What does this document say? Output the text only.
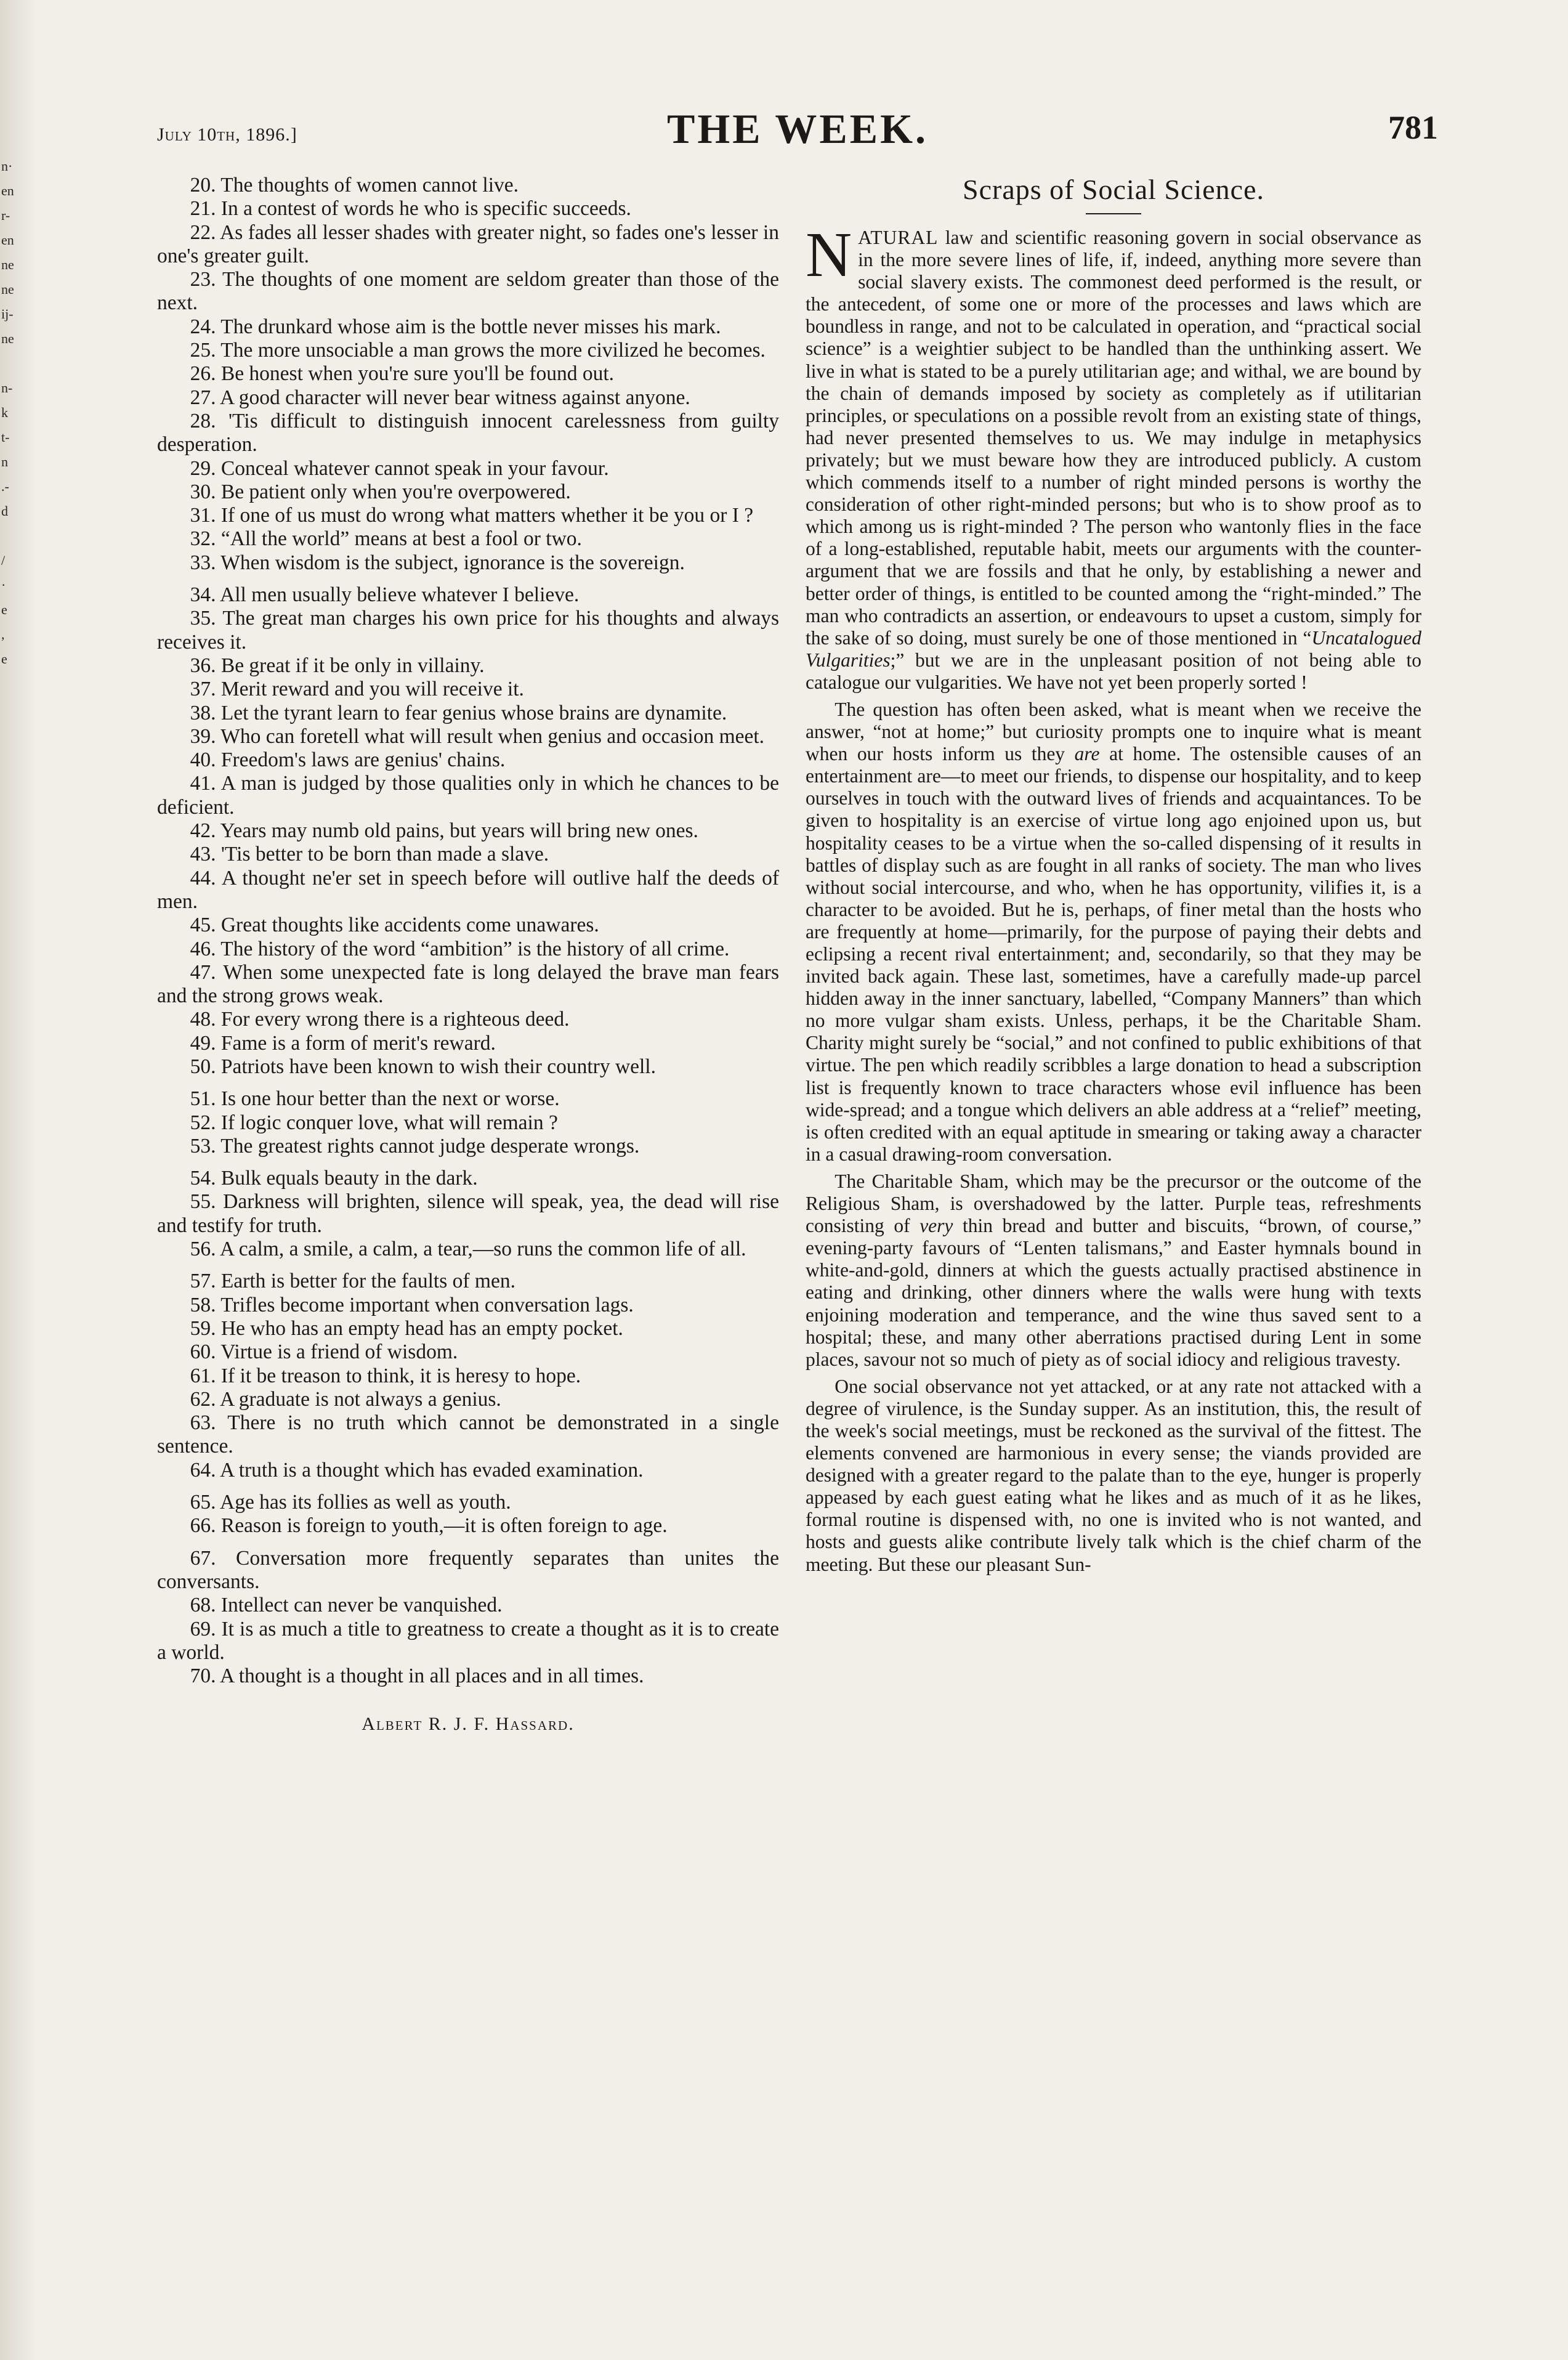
n·
en
r-
en
ne
ne
ij-
ne

n-
k
t-
n
.-
d

/
·
e
,
e
July 10th, 1896.]	THE WEEK.	781

20. The thoughts of women cannot live.

21. In a contest of words he who is specific succeeds.

22. As fades all lesser shades with greater night, so fades one's lesser in one's greater guilt.

23. The thoughts of one moment are seldom greater than those of the next.

24. The drunkard whose aim is the bottle never misses his mark.

25. The more unsociable a man grows the more civilized he becomes.

26. Be honest when you're sure you'll be found out.

27. A good character will never bear witness against anyone.

28. 'Tis difficult to distinguish innocent carelessness from guilty desperation.

29. Conceal whatever cannot speak in your favour.

30. Be patient only when you're overpowered.

31. If one of us must do wrong what matters whether it be you or I ?

32. “All the world” means at best a fool or two.

33. When wisdom is the subject, ignorance is the sovereign.

34. All men usually believe whatever I believe.

35. The great man charges his own price for his thoughts and always receives it.

36. Be great if it be only in villainy.

37. Merit reward and you will receive it.

38. Let the tyrant learn to fear genius whose brains are dynamite.

39. Who can foretell what will result when genius and occasion meet.

40. Freedom's laws are genius' chains.

41. A man is judged by those qualities only in which he chances to be deficient.

42. Years may numb old pains, but years will bring new ones.

43. 'Tis better to be born than made a slave.

44. A thought ne'er set in speech before will outlive half the deeds of men.

45. Great thoughts like accidents come unawares.

46. The history of the word “ambition” is the history of all crime.

47. When some unexpected fate is long delayed the brave man fears and the strong grows weak.

48. For every wrong there is a righteous deed.

49. Fame is a form of merit's reward.

50. Patriots have been known to wish their country well.

51. Is one hour better than the next or worse.

52. If logic conquer love, what will remain ?

53. The greatest rights cannot judge desperate wrongs.

54. Bulk equals beauty in the dark.

55. Darkness will brighten, silence will speak, yea, the dead will rise and testify for truth.

56. A calm, a smile, a calm, a tear,—so runs the common life of all.

57. Earth is better for the faults of men.

58. Trifles become important when conversation lags.

59. He who has an empty head has an empty pocket.

60. Virtue is a friend of wisdom.

61. If it be treason to think, it is heresy to hope.

62. A graduate is not always a genius.

63. There is no truth which cannot be demonstrated in a single sentence.

64. A truth is a thought which has evaded examination.

65. Age has its follies as well as youth.

66. Reason is foreign to youth,—it is often foreign to age.

67. Conversation more frequently separates than unites the conversants.

68. Intellect can never be vanquished.

69. It is as much a title to greatness to create a thought as it is to create a world.

70. A thought is a thought in all places and in all times.

Albert R. J. F. Hassard.
Scraps of Social Science.

NATURAL law and scientific reasoning govern in social observance as in the more severe lines of life, if, indeed, anything more severe than social slavery exists. The commonest deed performed is the result, or the antecedent, of some one or more of the processes and laws which are boundless in range, and not to be calculated in operation, and “practical social science” is a weightier subject to be handled than the unthinking assert. We live in what is stated to be a purely utilitarian age; and withal, we are bound by the chain of demands imposed by society as completely as if utilitarian principles, or speculations on a possible revolt from an existing state of things, had never presented themselves to us. We may indulge in metaphysics privately; but we must beware how they are introduced publicly. A custom which commends itself to a number of right minded persons is worthy the consideration of other right-minded persons; but who is to show proof as to which among us is right-minded ? The person who wantonly flies in the face of a long-established, reputable habit, meets our arguments with the counter-argument that we are fossils and that he only, by establishing a newer and better order of things, is entitled to be counted among the “right-minded.” The man who contradicts an assertion, or endeavours to upset a custom, simply for the sake of so doing, must surely be one of those mentioned in “Uncatalogued Vulgarities;” but we are in the unpleasant position of not being able to catalogue our vulgarities. We have not yet been properly sorted !

The question has often been asked, what is meant when we receive the answer, “not at home;” but curiosity prompts one to inquire what is meant when our hosts inform us they are at home. The ostensible causes of an entertainment are—to meet our friends, to dispense our hospitality, and to keep ourselves in touch with the outward lives of friends and acquaintances. To be given to hospitality is an exercise of virtue long ago enjoined upon us, but hospitality ceases to be a virtue when the so-called dispensing of it results in battles of display such as are fought in all ranks of society. The man who lives without social intercourse, and who, when he has opportunity, vilifies it, is a character to be avoided. But he is, perhaps, of finer metal than the hosts who are frequently at home—primarily, for the purpose of paying their debts and eclipsing a recent rival entertainment; and, secondarily, so that they may be invited back again. These last, sometimes, have a carefully made-up parcel hidden away in the inner sanctuary, labelled, “Company Manners” than which no more vulgar sham exists. Unless, perhaps, it be the Charitable Sham. Charity might surely be “social,” and not confined to public exhibitions of that virtue. The pen which readily scribbles a large donation to head a subscription list is frequently known to trace characters whose evil influence has been wide-spread; and a tongue which delivers an able address at a “relief” meeting, is often credited with an equal aptitude in smearing or taking away a character in a casual drawing-room conversation.

The Charitable Sham, which may be the precursor or the outcome of the Religious Sham, is overshadowed by the latter. Purple teas, refreshments consisting of very thin bread and butter and biscuits, “brown, of course,” evening-party favours of “Lenten talismans,” and Easter hymnals bound in white-and-gold, dinners at which the guests actually practised abstinence in eating and drinking, other dinners where the walls were hung with texts enjoining moderation and temperance, and the wine thus saved sent to a hospital; these, and many other aberrations practised during Lent in some places, savour not so much of piety as of social idiocy and religious travesty.

One social observance not yet attacked, or at any rate not attacked with a degree of virulence, is the Sunday supper. As an institution, this, the result of the week's social meetings, must be reckoned as the survival of the fittest. The elements convened are harmonious in every sense; the viands provided are designed with a greater regard to the palate than to the eye, hunger is properly appeased by each guest eating what he likes and as much of it as he likes, formal routine is dispensed with, no one is invited who is not wanted, and hosts and guests alike contribute lively talk which is the chief charm of the meeting. But these our pleasant Sun-
